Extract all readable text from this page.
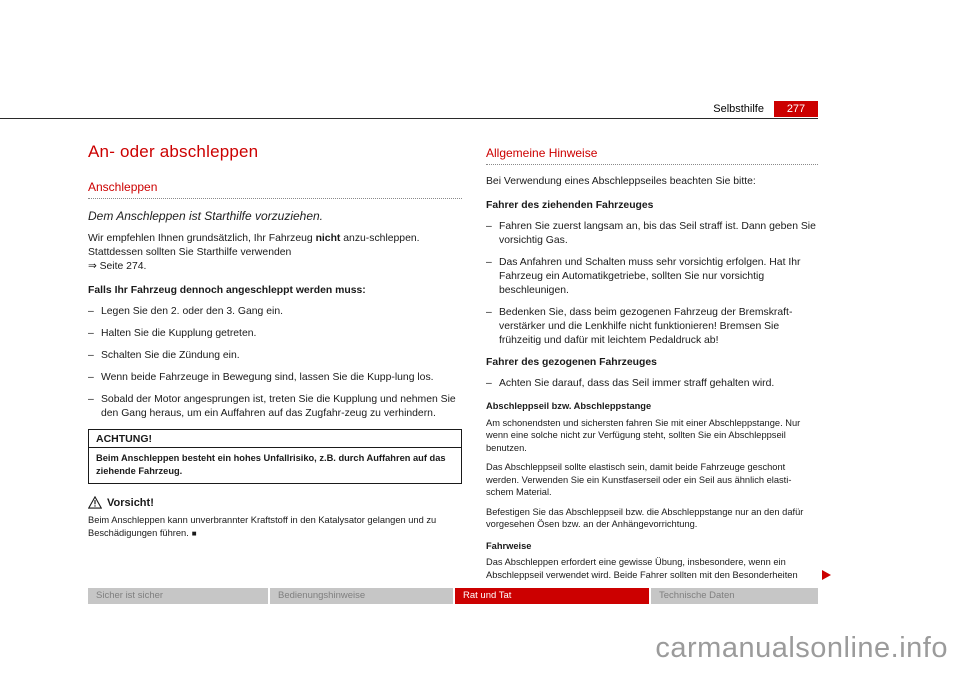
Selbsthilfe 277
An- oder abschleppen
Anschleppen

Dem Anschleppen ist Starthilfe vorzuziehen.

Wir empfehlen Ihnen grundsätzlich, Ihr Fahrzeug nicht anzu-schleppen. Stattdessen sollten Sie Starthilfe verwenden
⇒ Seite 274.

Falls Ihr Fahrzeug dennoch angeschleppt werden muss:

– Legen Sie den 2. oder den 3. Gang ein.
– Halten Sie die Kupplung getreten.
– Schalten Sie die Zündung ein.
– Wenn beide Fahrzeuge in Bewegung sind, lassen Sie die Kupp-lung los.
– Sobald der Motor angesprungen ist, treten Sie die Kupplung und nehmen Sie den Gang heraus, um ein Auffahren auf das Zugfahr-zeug zu verhindern.
ACHTUNG!
Beim Anschleppen besteht ein hohes Unfallrisiko, z.B. durch Auffahren auf das ziehende Fahrzeug.
Vorsicht!

Beim Anschleppen kann unverbrannter Kraftstoff in den Katalysator gelangen und zu Beschädigungen führen. ■

Allgemeine Hinweise

Bei Verwendung eines Abschleppseiles beachten Sie bitte:

Fahrer des ziehenden Fahrzeuges

– Fahren Sie zuerst langsam an, bis das Seil straff ist. Dann geben Sie vorsichtig Gas.
– Das Anfahren und Schalten muss sehr vorsichtig erfolgen. Hat Ihr Fahrzeug ein Automatikgetriebe, sollten Sie nur vorsichtig beschleunigen.
– Bedenken Sie, dass beim gezogenen Fahrzeug der Bremskraft-verstärker und die Lenkhilfe nicht funktionieren! Bremsen Sie frühzeitig und dafür mit leichtem Pedaldruck ab!

Fahrer des gezogenen Fahrzeuges

– Achten Sie darauf, dass das Seil immer straff gehalten wird.

Abschleppseil bzw. Abschleppstange

Am schonendsten und sichersten fahren Sie mit einer Abschleppstange. Nur wenn eine solche nicht zur Verfügung steht, sollten Sie ein Abschleppseil benutzen.

Das Abschleppseil sollte elastisch sein, damit beide Fahrzeuge geschont werden. Verwenden Sie ein Kunstfaserseil oder ein Seil aus ähnlich elasti-schem Material.

Befestigen Sie das Abschleppseil bzw. die Abschleppstange nur an den dafür vorgesehen Ösen bzw. an der Anhängevorrichtung.

Fahrweise

Das Abschleppen erfordert eine gewisse Übung, insbesondere, wenn ein Abschleppseil verwendet wird. Beide Fahrer sollten mit den Besonderheiten

Sicher ist sicher	Bedienungshinweise	Rat und Tat	Technische Daten
carmanualsonline.info
